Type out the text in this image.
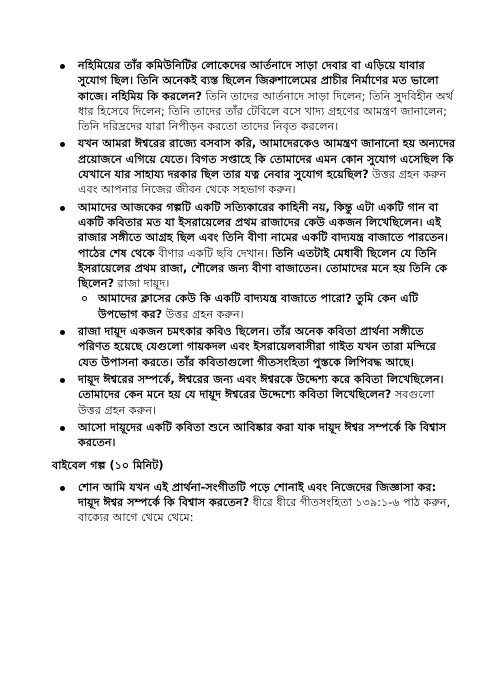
নহিমিয়ের তাঁর কমিউনিটির লোকেদের আর্তনাদে সাড়া দেবার বা এড়িয়ে যাবার সুযোগ ছিল। তিনি অনেকই ব্যস্ত ছিলেন জিরুশালেমের প্রাচীর নির্মাণের মত ভালো কাজে। নহিমিয় কি করলেন? তিনি তাদের আর্তনাদে সাড়া দিলেন; তিনি সুদবিহীন অর্থ ধার হিসেবে দিলেন; তিনি তাদের তাঁর টেবিলে বসে খাদ্য গ্রহণের আমন্ত্রণ জানালেন; তিনি দরিদ্রদের যারা নিপীড়ন করতো তাদের নিবৃত করলেন।
যখন আমরা ঈশ্বরের রাজ্যে বসবাস করি, আমাদেরকেও আমন্ত্রণ জানানো হয় অন্যদের প্রয়োজনে এগিয়ে যেতে। বিগত সপ্তাহে কি তোমাদের এমন কোন সুযোগ এসেছিল কি যেখানে যার সাহায্য দরকার ছিল তার যত্ন নেবার সুযোগ হয়েছিল? উত্তর গ্রহন করুন এবং আপনার নিজের জীবন থেকে সহভাগ করুন।
আমাদের আজকের গল্পটি একটি সত্যিকারের কাহিনী নয়, কিন্তু এটা একটি গান বা একটি কবিতার মত যা ইসরায়েলের প্রথম রাজাদের কেউ একজন লিখেছিলেন। এই রাজার সঙ্গীতে আগ্রহ ছিল এবং তিনি বীণা নামের একটি বাদ্যযন্ত্র বাজাতে পারতেন। পাঠের শেষ থেকে বীণার একটি ছবি দেখান। তিনি এতটাই মেধাবী ছিলেন যে তিনি ইসরায়েলের প্রথম রাজা, শৌলের জন্য বীণা বাজাতেন। তোমাদের মনে হয় তিনি কে ছিলেন? রাজা দায়ূদ।
আমাদের ক্লাসের কেউ কি একটি বাদ্যযন্ত্র বাজাতে পারো? তুমি কেন এটি উপভোগ কর? উত্তর গ্রহন করুন।
রাজা দায়ূদ একজন চমৎকার কবিও ছিলেন। তাঁর অনেক কবিতা প্রার্থনা সঙ্গীতে পরিণত হয়েছে যেগুলো গায়কদল এবং ইসরায়েলবাসীরা গাইত যখন তারা মন্দিরে যেত উপাসনা করতে। তাঁর কবিতাগুলো গীতসংহিতা পুস্তকে লিপিবদ্ধ আছে।
দায়ূদ ঈশ্বরের সম্পর্কে, ঈশ্বরের জন্য এবং ঈশ্বরকে উদ্দেশ্য করে কবিতা লিখেছিলেন। তোমাদের কেন মনে হয় যে দায়ূদ ঈশ্বরের উদ্দেশ্যে কবিতা লিখেছিলেন? সবগুলো উত্তর গ্রহন করুন।
আসো দায়ূদের একটি কবিতা শুনে আবিষ্কার করা যাক দায়ূদ ঈশ্বর সম্পর্কে কি বিশ্বাস করতেন।
বাইবেল গল্প (১০ মিনিট)
শোন আমি যখন এই প্রার্থনা-সংগীতটি পড়ে শোনাই এবং নিজেদের জিজ্ঞাসা কর: দায়ূদ ঈশ্বর সম্পর্কে কি বিশ্বাস করতেন? ধীরে ধীরে গীতসংহিতা ১৩৯:১-৬ পাঠ করুন, বাক্যের আগে থেমে থেমে:
